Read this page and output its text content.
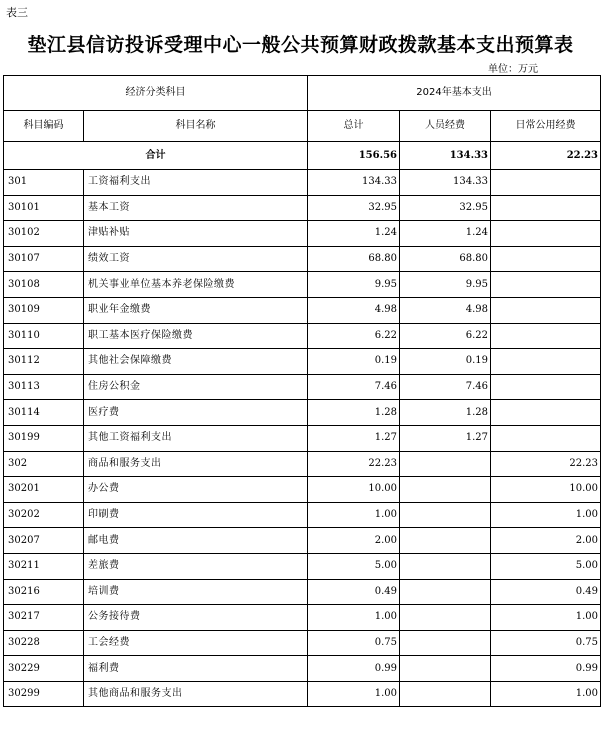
表三
垫江县信访投诉受理中心一般公共预算财政拨款基本支出预算表
单位：万元
经济分类科目		2024年基本支出		
科目编码	科目名称	总计	人员经费	日常公用经费
合计		156.56	134.33	22.23
301	工资福利支出	134.33	134.33	
30101	基本工资	32.95	32.95	
30102	津贴补贴	1.24	1.24	
30107	绩效工资	68.80	68.80	
30108	机关事业单位基本养老保险缴费	9.95	9.95	
30109	职业年金缴费	4.98	4.98	
30110	职工基本医疗保险缴费	6.22	6.22	
30112	其他社会保障缴费	0.19	0.19	
30113	住房公积金	7.46	7.46	
30114	医疗费	1.28	1.28	
30199	其他工资福利支出	1.27	1.27	
302	商品和服务支出	22.23		22.23
30201	办公费	10.00		10.00
30202	印刷费	1.00		1.00
30207	邮电费	2.00		2.00
30211	差旅费	5.00		5.00
30216	培训费	0.49		0.49
30217	公务接待费	1.00		1.00
30228	工会经费	0.75		0.75
30229	福利费	0.99		0.99
30299	其他商品和服务支出	1.00		1.00
